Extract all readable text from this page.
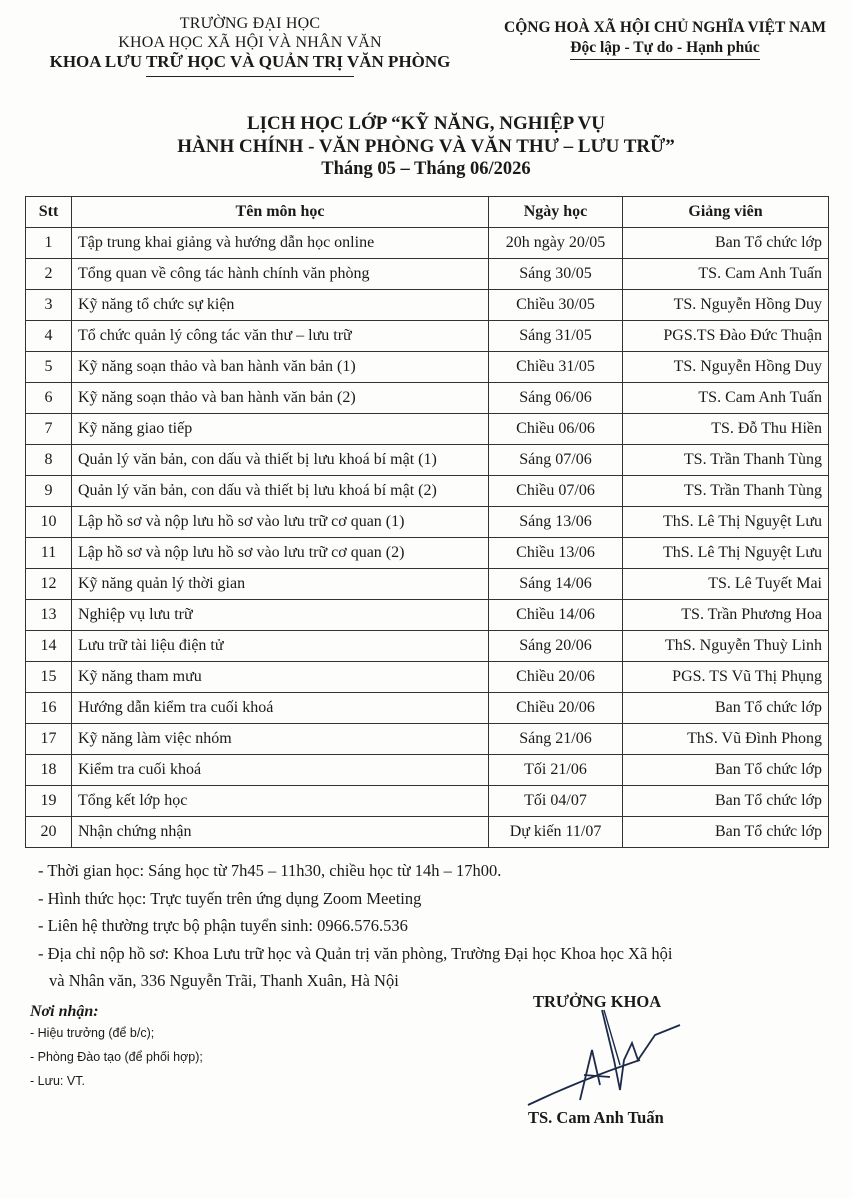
TRƯỜNG ĐẠI HỌC
KHOA HỌC XÃ HỘI VÀ NHÂN VĂN
KHOA LƯU TRỮ HỌC VÀ QUẢN TRỊ VĂN PHÒNG
CỘNG HOÀ XÃ HỘI CHỦ NGHĨA VIỆT NAM
Độc lập - Tự do - Hạnh phúc
LỊCH HỌC LỚP “KỸ NĂNG, NGHIỆP VỤ
HÀNH CHÍNH - VĂN PHÒNG VÀ VĂN THƯ – LƯU TRỮ”
Tháng 05 – Tháng 06/2026
Stt	Tên môn học	Ngày học	Giảng viên
1	Tập trung khai giảng và hướng dẫn học online	20h ngày 20/05	Ban Tổ chức lớp
2	Tổng quan về công tác hành chính văn phòng	Sáng 30/05	TS. Cam Anh Tuấn
3	Kỹ năng tổ chức sự kiện	Chiều 30/05	TS. Nguyễn Hồng Duy
4	Tổ chức quản lý công tác văn thư – lưu trữ	Sáng 31/05	PGS.TS Đào Đức Thuận
5	Kỹ năng soạn thảo và ban hành văn bản (1)	Chiều 31/05	TS. Nguyễn Hồng Duy
6	Kỹ năng soạn thảo và ban hành văn bản (2)	Sáng 06/06	TS. Cam Anh Tuấn
7	Kỹ năng giao tiếp	Chiều 06/06	TS. Đỗ Thu Hiền
8	Quản lý văn bản, con dấu và thiết bị lưu khoá bí mật (1)	Sáng 07/06	TS. Trần Thanh Tùng
9	Quản lý văn bản, con dấu và thiết bị lưu khoá bí mật (2)	Chiều 07/06	TS. Trần Thanh Tùng
10	Lập hồ sơ và nộp lưu hồ sơ vào lưu trữ cơ quan (1)	Sáng 13/06	ThS. Lê Thị Nguyệt Lưu
11	Lập hồ sơ và nộp lưu hồ sơ vào lưu trữ cơ quan (2)	Chiều 13/06	ThS. Lê Thị Nguyệt Lưu
12	Kỹ năng quản lý thời gian	Sáng 14/06	TS. Lê Tuyết Mai
13	Nghiệp vụ lưu trữ	Chiều 14/06	TS. Trần Phương Hoa
14	Lưu trữ tài liệu điện tử	Sáng 20/06	ThS. Nguyễn Thuỳ Linh
15	Kỹ năng tham mưu	Chiều 20/06	PGS. TS Vũ Thị Phụng
16	Hướng dẫn kiểm tra cuối khoá	Chiều 20/06	Ban Tổ chức lớp
17	Kỹ năng làm việc nhóm	Sáng 21/06	ThS. Vũ Đình Phong
18	Kiểm tra cuối khoá	Tối 21/06	Ban Tổ chức lớp
19	Tổng kết lớp học	Tối 04/07	Ban Tổ chức lớp
20	Nhận chứng nhận	Dự kiến 11/07	Ban Tổ chức lớp
- Thời gian học: Sáng học từ 7h45 – 11h30, chiều học từ 14h – 17h00.
- Hình thức học: Trực tuyến trên ứng dụng Zoom Meeting
- Liên hệ thường trực bộ phận tuyển sinh: 0966.576.536
- Địa chỉ nộp hồ sơ: Khoa Lưu trữ học và Quản trị văn phòng, Trường Đại học Khoa học Xã hội
và Nhân văn, 336 Nguyễn Trãi, Thanh Xuân, Hà Nội
Nơi nhận:
- Hiệu trưởng (để b/c);
- Phòng Đào tạo (để phối hợp);
- Lưu: VT.
TRƯỞNG KHOA
TS. Cam Anh Tuấn
